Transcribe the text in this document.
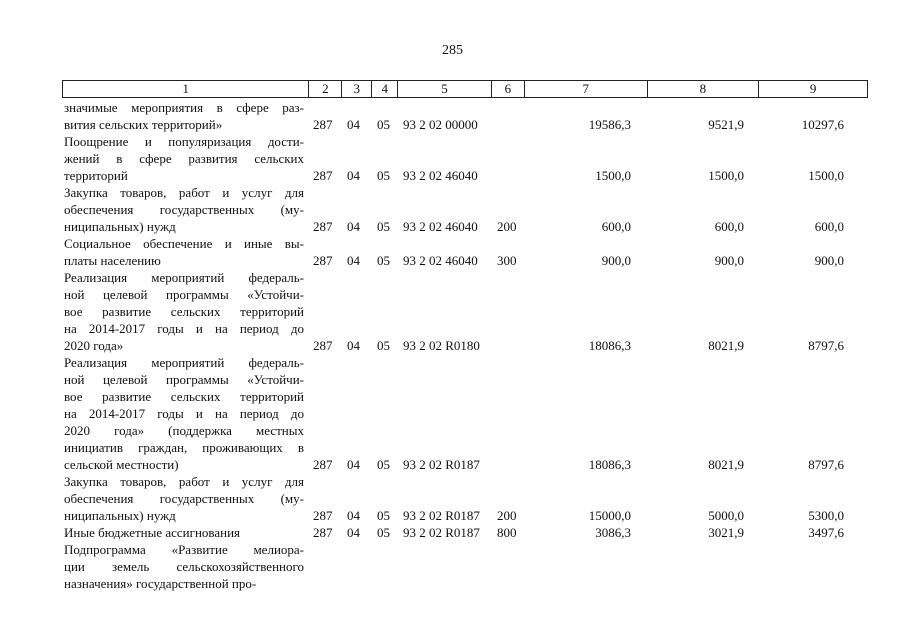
285
1	2	3	4	5	6	7	8	9
значимые мероприятия в сфере раз-
вития сельских территорий»	287 04 05 93 2 02 00000	19586,3	9521,9	10297,6
Поощрение и популяризация дости-
жений в сфере развития сельских
территорий	287 04 05 93 2 02 46040	1500,0	1500,0	1500,0
Закупка товаров, работ и услуг для
обеспечения государственных (му-
ниципальных) нужд	287 04 05 93 2 02 46040 200	600,0	600,0	600,0
Социальное обеспечение и иные вы-
платы населению	287 04 05 93 2 02 46040 300	900,0	900,0	900,0
Реализация мероприятий федераль-
ной целевой программы «Устойчи-
вое развитие сельских территорий
на 2014-2017 годы и на период до
2020 года»	287 04 05 93 2 02 R0180	18086,3	8021,9	8797,6
Реализация мероприятий федераль-
ной целевой программы «Устойчи-
вое развитие сельских территорий
на 2014-2017 годы и на период до
2020 года» (поддержка местных
инициатив граждан, проживающих в
сельской местности)	287 04 05 93 2 02 R0187	18086,3	8021,9	8797,6
Закупка товаров, работ и услуг для
обеспечения государственных (му-
ниципальных) нужд	287 04 05 93 2 02 R0187 200	15000,0	5000,0	5300,0
Иные бюджетные ассигнования	287 04 05 93 2 02 R0187 800	3086,3	3021,9	3497,6
Подпрограмма «Развитие мелиора-
ции земель сельскохозяйственного
назначения» государственной про-
